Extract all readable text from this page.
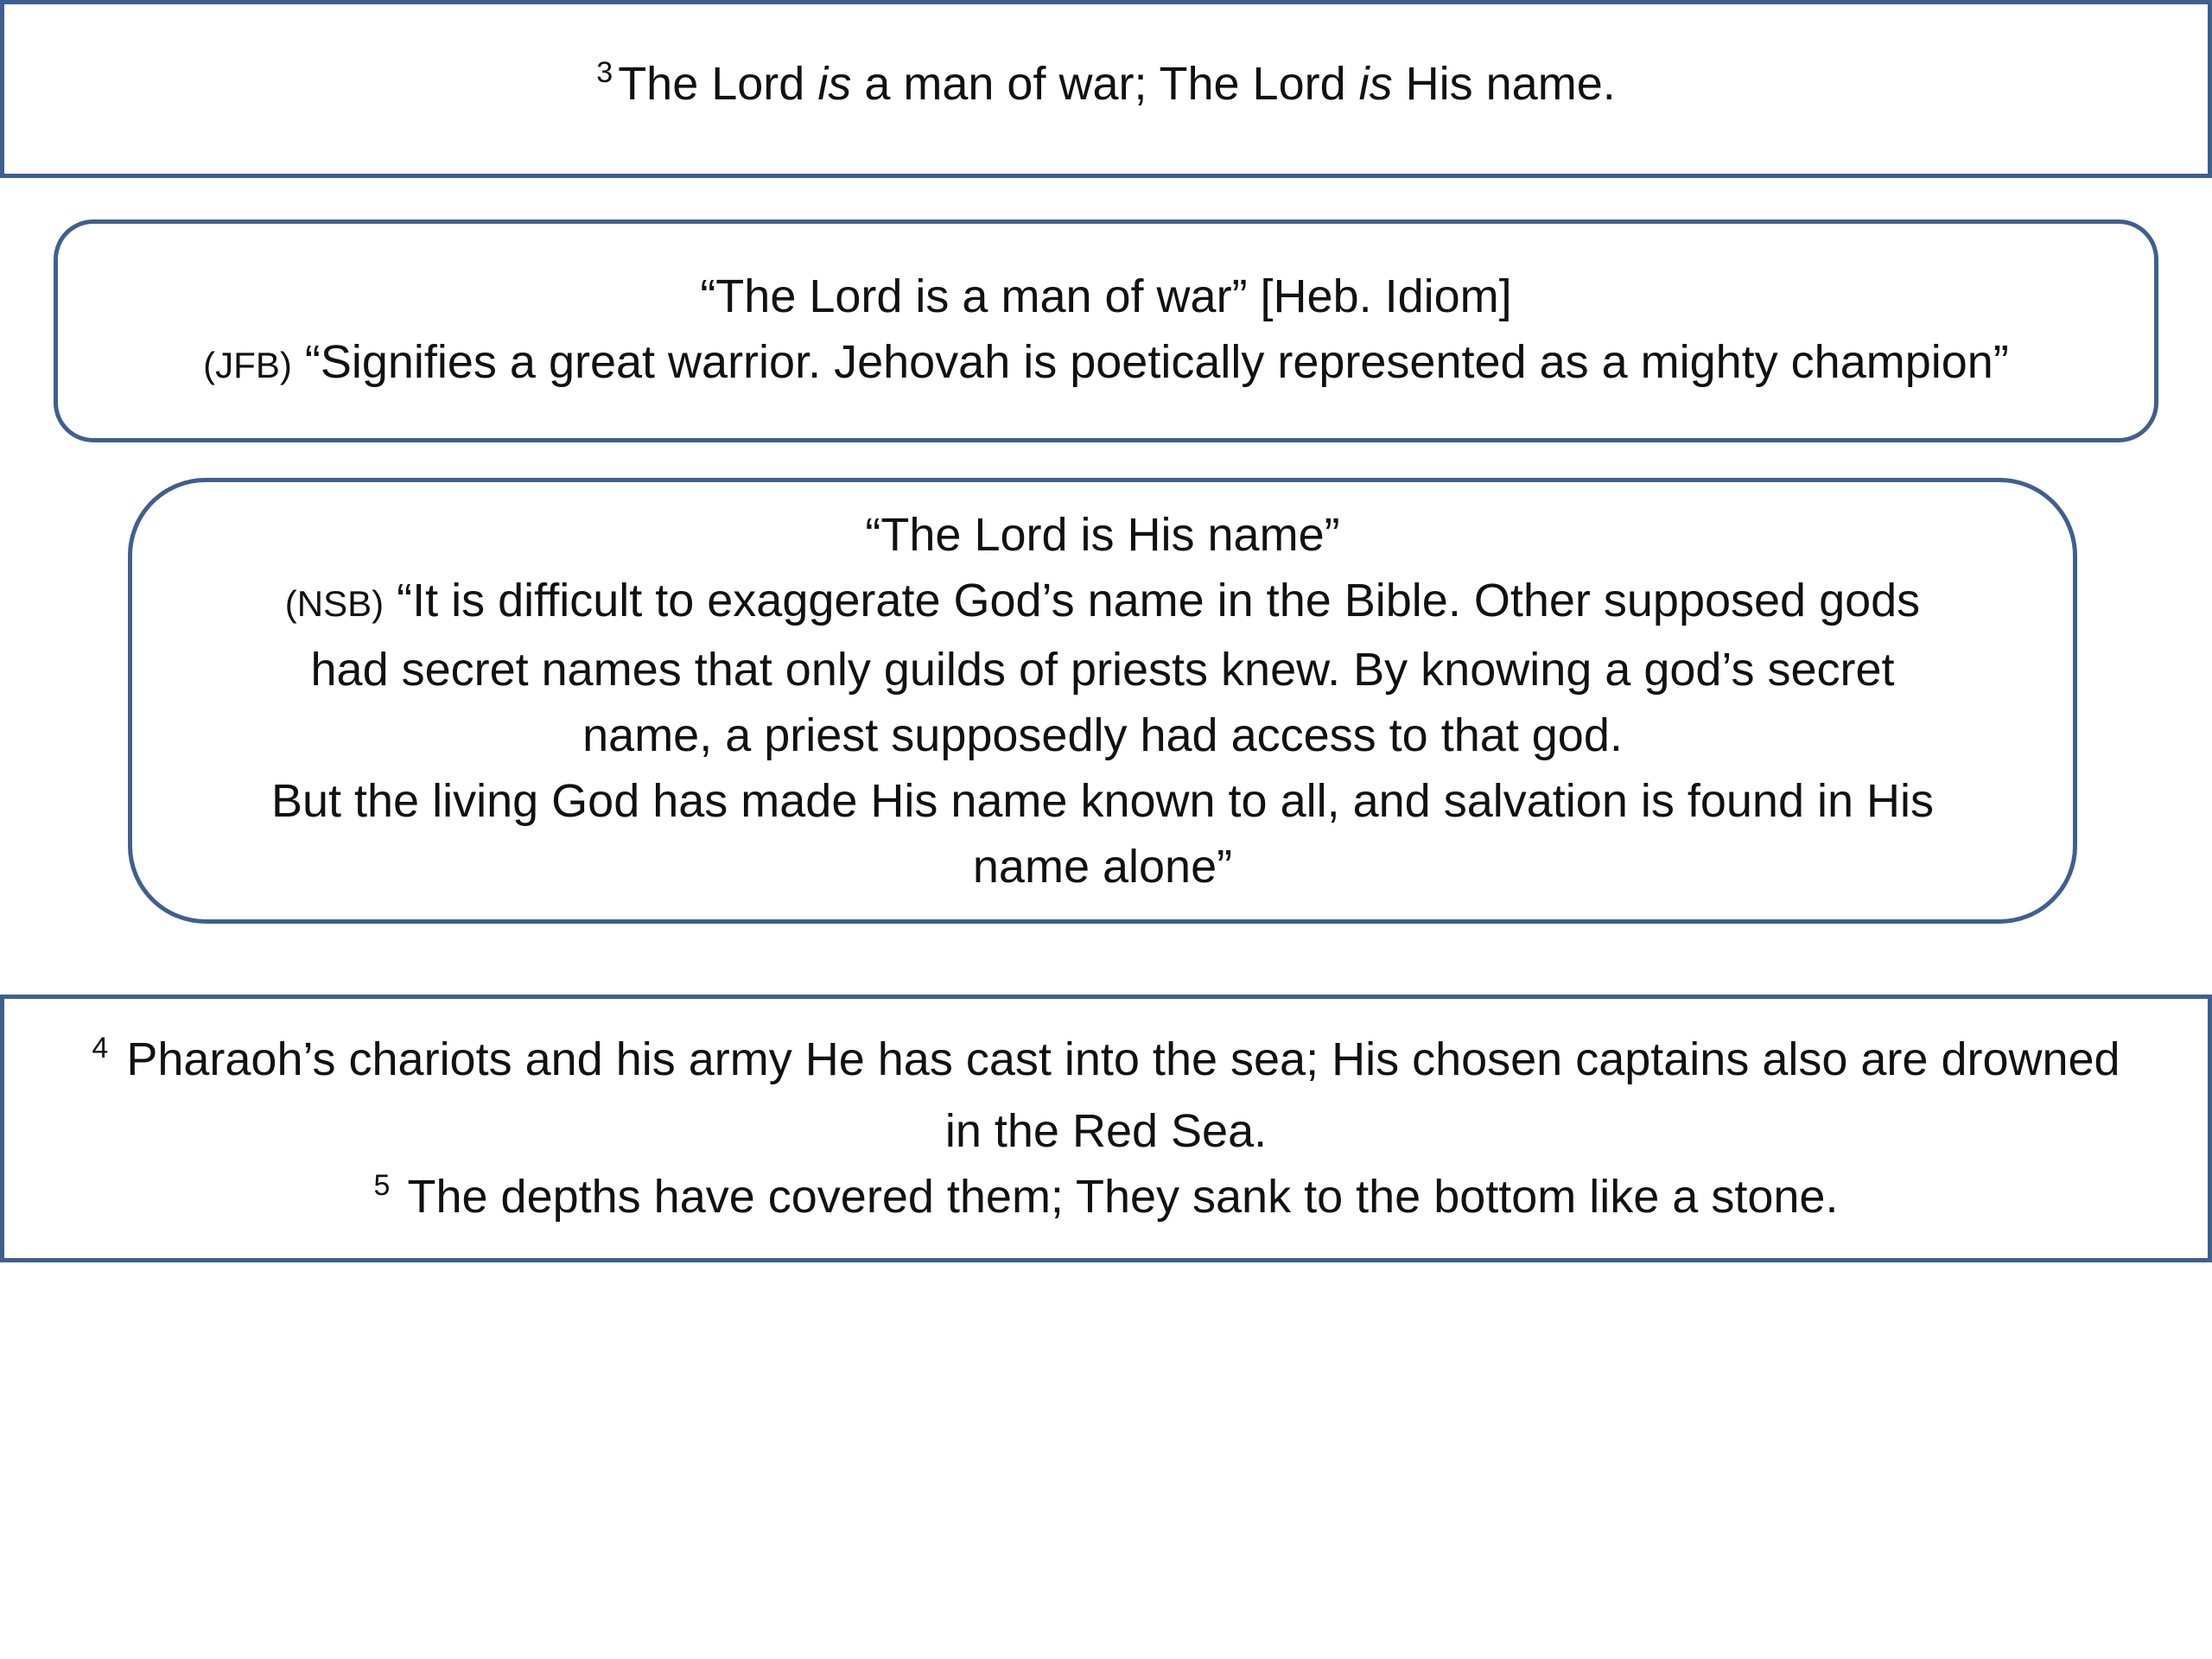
$^3$ The Lord is a man of war; The Lord is His name.
“The Lord is a man of war” [Heb. Idiom]
(JFB) “Signifies a great warrior. Jehovah is poetically represented as a mighty champion”
“The Lord is His name”
(NSB) “It is difficult to exaggerate God’s name in the Bible. Other supposed gods
had secret names that only guilds of priests knew. By knowing a god’s secret
name, a priest supposedly had access to that god.
But the living God has made His name known to all, and salvation is found in His
name alone”
$^4$ Pharaoh’s chariots and his army He has cast into the sea; His chosen captains also are drowned
in the Red Sea.
$^5$ The depths have covered them; They sank to the bottom like a stone.
